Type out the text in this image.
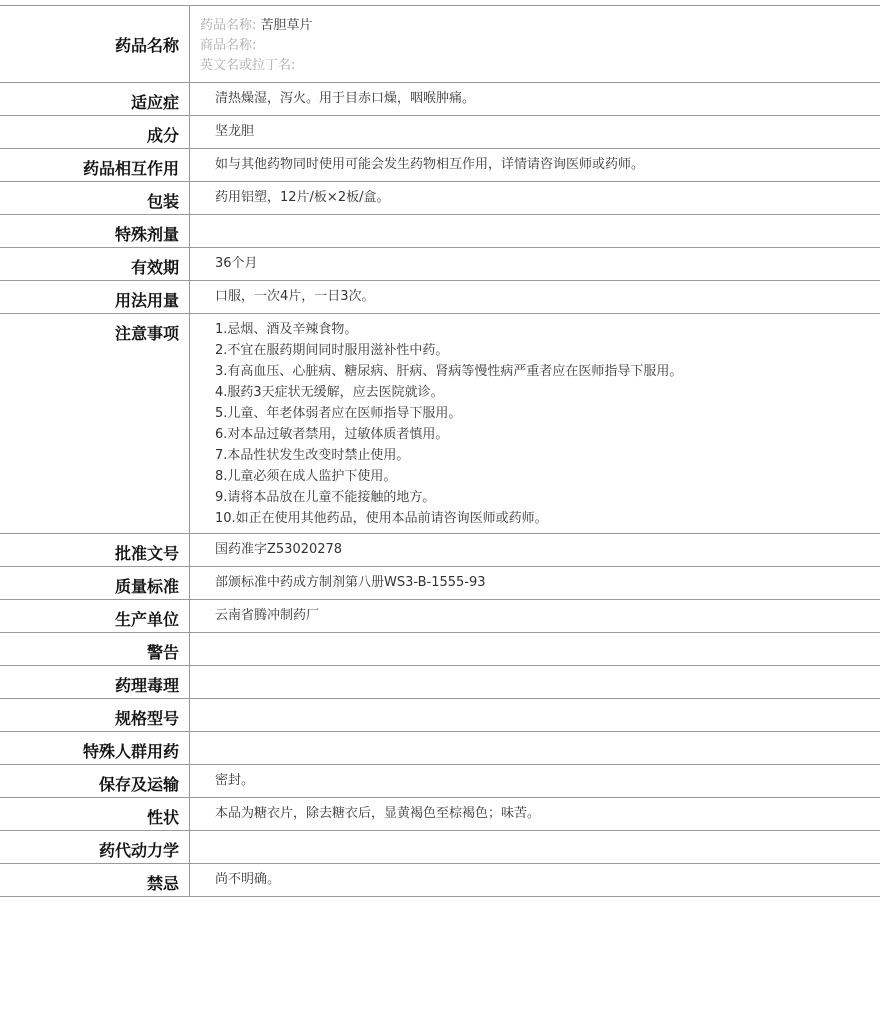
药品名称
药品名称: 苦胆草片
商品名称:
英文名或拉丁名:
适应症	清热燥湿，泻火。用于目赤口燥，咽喉肿痛。
成分	坚龙胆
药品相互作用	如与其他药物同时使用可能会发生药物相互作用，详情请咨询医师或药师。
包装	药用铝塑，12片/板×2板/盒。
特殊剂量
有效期	36个月
用法用量	口服，一次4片，一日3次。
注意事项	1.忌烟、酒及辛辣食物。
2.不宜在服药期间同时服用滋补性中药。
3.有高血压、心脏病、糖尿病、肝病、肾病等慢性病严重者应在医师指导下服用。
4.服药3天症状无缓解，应去医院就诊。
5.儿童、年老体弱者应在医师指导下服用。
6.对本品过敏者禁用，过敏体质者慎用。
7.本品性状发生改变时禁止使用。
8.儿童必须在成人监护下使用。
9.请将本品放在儿童不能接触的地方。
10.如正在使用其他药品，使用本品前请咨询医师或药师。
批准文号	国药准字Z53020278
质量标准	部颁标准中药成方制剂第八册WS3-B-1555-93
生产单位	云南省腾冲制药厂
警告
药理毒理
规格型号
特殊人群用药
保存及运输	密封。
性状	本品为糖衣片，除去糖衣后，显黄褐色至棕褐色；味苦。
药代动力学
禁忌	尚不明确。
